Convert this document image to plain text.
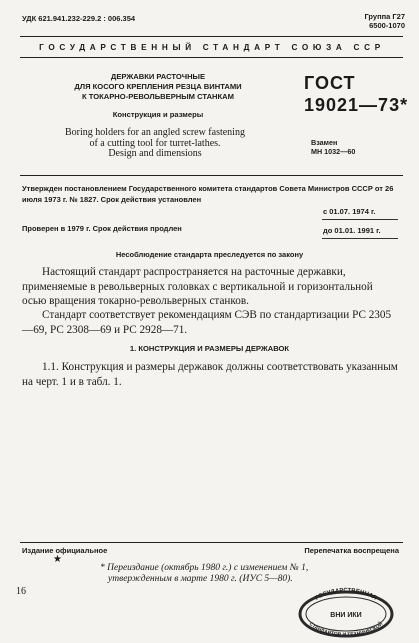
УДК 621.941.232-229.2 : 006.354	Группа Г27
6500-1070
ГОСУДАРСТВЕННЫЙ СТАНДАРТ СОЮЗА ССР
ДЕРЖАВКИ РАСТОЧНЫЕ
ДЛЯ КОСОГО КРЕПЛЕНИЯ РЕЗЦА ВИНТАМИ
К ТОКАРНО-РЕВОЛЬВЕРНЫМ СТАНКАМ
Конструкция и размеры
Boring holders for an angled screw fastening
of a cutting tool for turret-lathes.
Design and dimensions
ГОСТ
19021—73*
Взамен
МН 1032—60
Утвержден постановлением Государственного комитета стандартов Совета Министров СССР от 26 июля 1973 г. № 1827. Срок действия установлен
с 01.07. 1974 г.
Проверен в 1979 г. Срок действия продлен	до 01.01. 1991 г.
Несоблюдение стандарта преследуется по закону
Настоящий стандарт распространяется на расточные державки, применяемые в револьверных головках с вертикальной и горизонтальной осью вращения токарно-револьверных станков.
Стандарт соответствует рекомендациям СЭВ по стандартизации РС 2305—69, РС 2308—69 и РС 2928—71.
1. КОНСТРУКЦИЯ И РАЗМЕРЫ ДЕРЖАВОК
1.1. Конструкция и размеры державок должны соответствовать указанным на черт. 1 и в табл. 1.
Издание официальное	Перепечатка воспрещена
★
* Переиздание (октябрь 1980 г.) с изменением № 1,
утвержденным в марте 1980 г. (ИУС 5—80).
16
ГОСУДАРСТВЕННАЯ
СТАНДАРТОВ И ТЕХНИЧЕСКОЙ
ВНИ ИКИ
